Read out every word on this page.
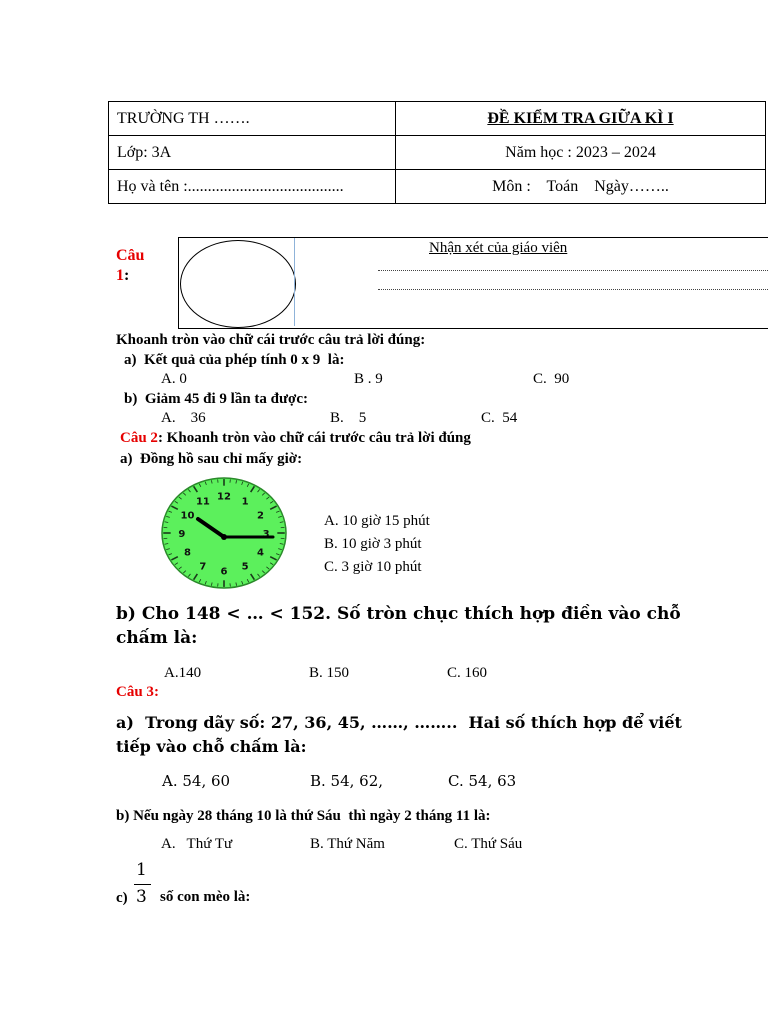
TRƯỜNG TH …….	ĐỀ KIỂM TRA GIỮA KÌ I
Lớp: 3A	Năm học : 2023 – 2024
Họ và tên :.......................................	Môn :    Toán    Ngày……..
Câu
1:
Nhận xét của giáo viên
Khoanh tròn vào chữ cái trước câu trả lời đúng:
a)  Kết quả của phép tính 0 x 9  là:
A. 0	B . 9	C.  90
b)  Giảm 45 đi 9 lần ta được:
A.    36	B.    5	C.  54
Câu 2: Khoanh tròn vào chữ cái trước câu trả lời đúng
a)  Đồng hồ sau chỉ mấy giờ:
12 1
2
3
4
5
6
7
8
9
10
11
A. 10 giờ 15 phút
B. 10 giờ 3 phút
C. 3 giờ 10 phút
b) Cho 148 < … < 152. Số tròn chục thích hợp điền vào chỗ
chấm là:
A.140	B. 150	C. 160
Câu 3:
a)  Trong dãy số: 27, 36, 45, ……, ……..  Hai số thích hợp để viết
tiếp vào chỗ chấm là:
A. 54, 60	B. 54, 62,	C. 54, 63
b) Nếu ngày 28 tháng 10 là thứ Sáu  thì ngày 2 tháng 11 là:
A.   Thứ Tư	B. Thứ Năm	C. Thứ Sáu
c)
1
3 số con mèo là:
